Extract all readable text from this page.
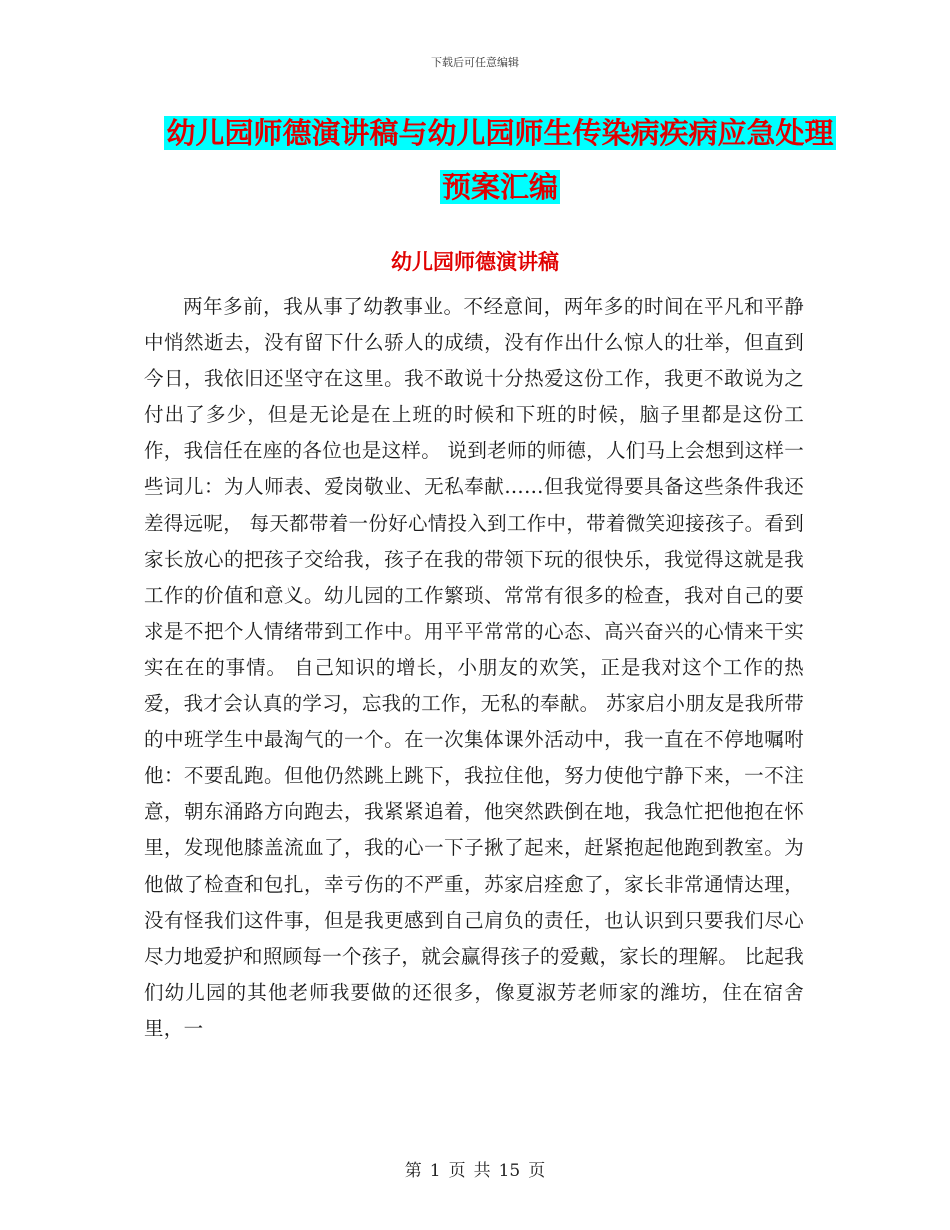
下载后可任意编辑
幼儿园师德演讲稿与幼儿园师生传染病疾病应急处理
预案汇编
幼儿园师德演讲稿

两年多前，我从事了幼教事业。不经意间，两年多的时间在平凡和平静中悄然逝去，没有留下什么骄人的成绩，没有作出什么惊人的壮举，但直到今日，我依旧还坚守在这里。我不敢说十分热爱这份工作，我更不敢说为之付出了多少，但是无论是在上班的时候和下班的时候，脑子里都是这份工作，我信任在座的各位也是这样。 说到老师的师德，人们马上会想到这样一些词儿：为人师表、爱岗敬业、无私奉献……但我觉得要具备这些条件我还差得远呢， 每天都带着一份好心情投入到工作中，带着微笑迎接孩子。看到家长放心的把孩子交给我，孩子在我的带领下玩的很快乐，我觉得这就是我工作的价值和意义。幼儿园的工作繁琐、常常有很多的检查，我对自己的要求是不把个人情绪带到工作中。用平平常常的心态、高兴奋兴的心情来干实实在在的事情。 自己知识的增长，小朋友的欢笑，正是我对这个工作的热爱，我才会认真的学习，忘我的工作，无私的奉献。 苏家启小朋友是我所带的中班学生中最淘气的一个。在一次集体课外活动中，我一直在不停地嘱咐他：不要乱跑。但他仍然跳上跳下，我拉住他，努力使他宁静下来，一不注意，朝东涌路方向跑去，我紧紧追着，他突然跌倒在地，我急忙把他抱在怀里，发现他膝盖流血了，我的心一下子揪了起来，赶紧抱起他跑到教室。为他做了检查和包扎，幸亏伤的不严重，苏家启痊愈了，家长非常通情达理，没有怪我们这件事，但是我更感到自己肩负的责任，也认识到只要我们尽心尽力地爱护和照顾每一个孩子，就会赢得孩子的爱戴，家长的理解。 比起我们幼儿园的其他老师我要做的还很多，像夏淑芳老师家的潍坊，住在宿舍里，一

第 1 页 共 15 页
